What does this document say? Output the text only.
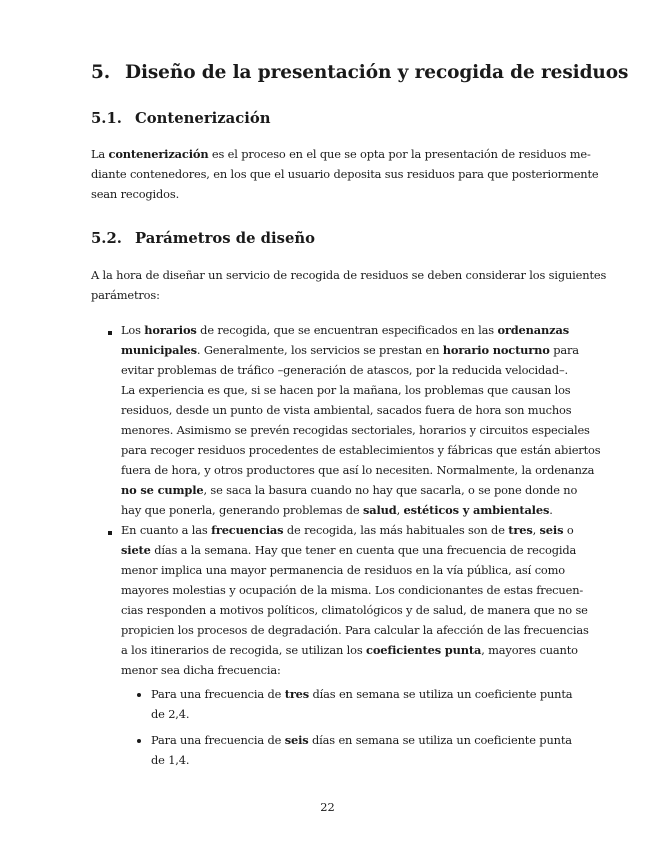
5. Diseño de la presentación y recogida de residuos
5.1. Contenerización
La contenerización es el proceso en el que se opta por la presentación de residuos me-
diante contenedores, en los que el usuario deposita sus residuos para que posteriormente
sean recogidos.
5.2. Parámetros de diseño
A la hora de diseñar un servicio de recogida de residuos se deben considerar los siguientes
parámetros:
Los horarios de recogida, que se encuentran especificados en las ordenanzas
municipales. Generalmente, los servicios se prestan en horario nocturno para
evitar problemas de tráfico –generación de atascos, por la reducida velocidad–.
La experiencia es que, si se hacen por la mañana, los problemas que causan los
residuos, desde un punto de vista ambiental, sacados fuera de hora son muchos
menores. Asimismo se prevén recogidas sectoriales, horarios y circuitos especiales
para recoger residuos procedentes de establecimientos y fábricas que están abiertos
fuera de hora, y otros productores que así lo necesiten. Normalmente, la ordenanza
no se cumple, se saca la basura cuando no hay que sacarla, o se pone donde no
hay que ponerla, generando problemas de salud, estéticos y ambientales.
En cuanto a las frecuencias de recogida, las más habituales son de tres, seis o
siete días a la semana. Hay que tener en cuenta que una frecuencia de recogida
menor implica una mayor permanencia de residuos en la vía pública, así como
mayores molestias y ocupación de la misma. Los condicionantes de estas frecuen-
cias responden a motivos políticos, climatológicos y de salud, de manera que no se
propicien los procesos de degradación. Para calcular la afección de las frecuencias
a los itinerarios de recogida, se utilizan los coeficientes punta, mayores cuanto
menor sea dicha frecuencia:
Para una frecuencia de tres días en semana se utiliza un coeficiente punta
de 2,4.
Para una frecuencia de seis días en semana se utiliza un coeficiente punta
de 1,4.
22
